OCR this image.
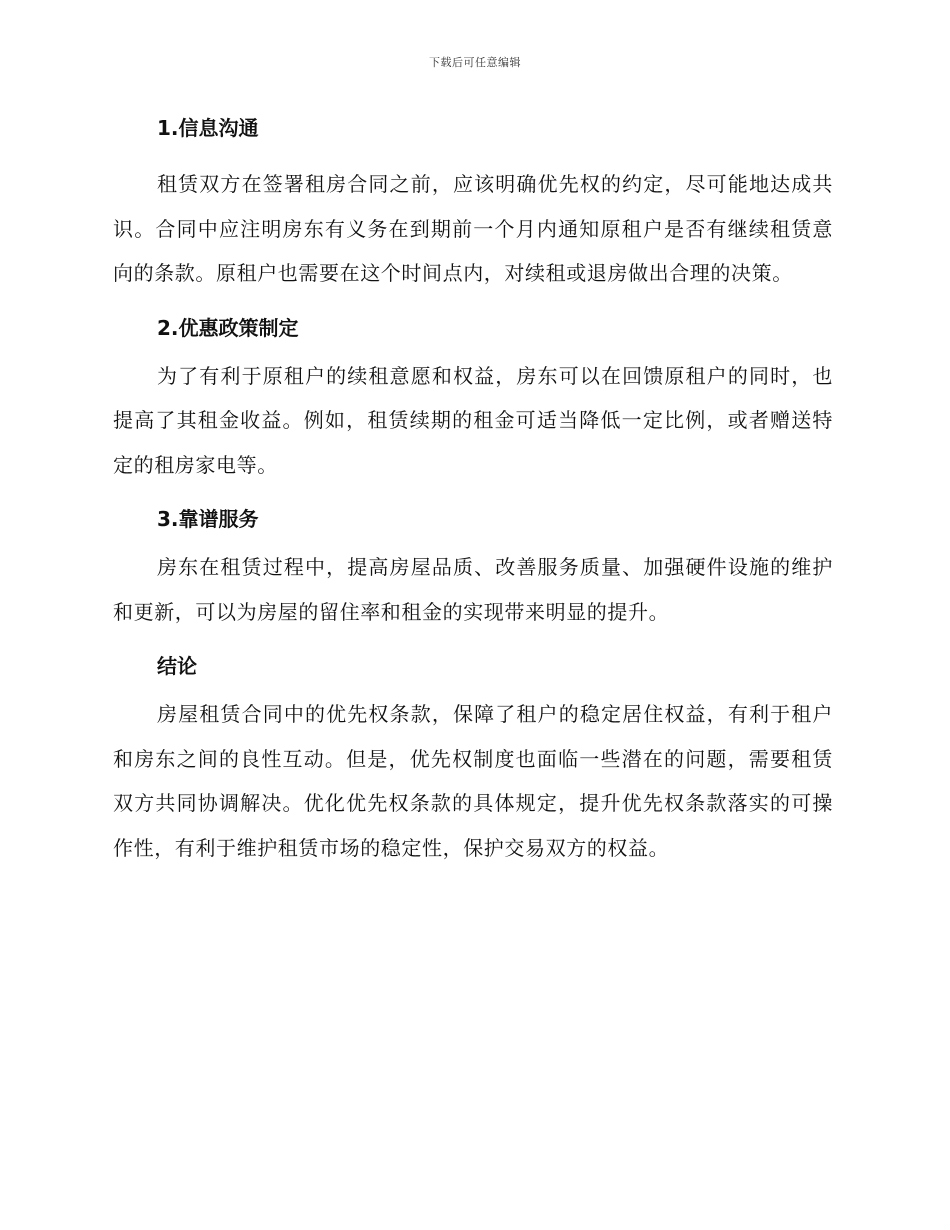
下载后可任意编辑

1.信息沟通

租赁双方在签署租房合同之前，应该明确优先权的约定，尽可能地达成共识。合同中应注明房东有义务在到期前一个月内通知原租户是否有继续租赁意向的条款。原租户也需要在这个时间点内，对续租或退房做出合理的决策。

2.优惠政策制定

为了有利于原租户的续租意愿和权益，房东可以在回馈原租户的同时，也提高了其租金收益。例如，租赁续期的租金可适当降低一定比例，或者赠送特定的租房家电等。

3.靠谱服务

房东在租赁过程中，提高房屋品质、改善服务质量、加强硬件设施的维护和更新，可以为房屋的留住率和租金的实现带来明显的提升。

结论

房屋租赁合同中的优先权条款，保障了租户的稳定居住权益，有利于租户和房东之间的良性互动。但是，优先权制度也面临一些潜在的问题，需要租赁双方共同协调解决。优化优先权条款的具体规定，提升优先权条款落实的可操作性，有利于维护租赁市场的稳定性，保护交易双方的权益。
